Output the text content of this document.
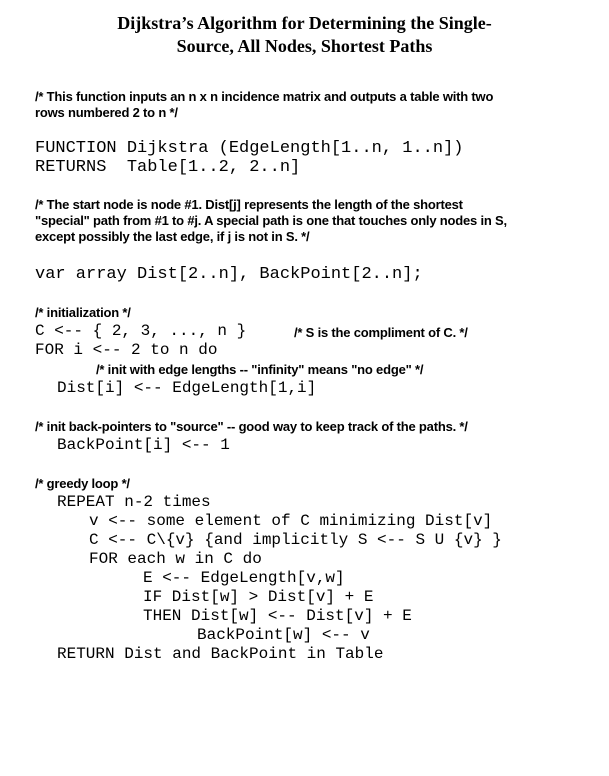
Dijkstra’s Algorithm for Determining the Single-
Source, All Nodes, Shortest Paths
/* This function inputs an n x n incidence matrix and outputs a table with two
rows numbered 2 to n */
FUNCTION Dijkstra (EdgeLength[1..n, 1..n])
RETURNS  Table[1..2, 2..n]
/* The start node is node #1. Dist[j] represents the length of the shortest
"special" path from #1 to #j. A special path is one that touches only nodes in S,
except possibly the last edge, if j is not in S. */
var array Dist[2..n], BackPoint[2..n];
/* initialization */
C <-- { 2, 3, ..., n }	/* S is the compliment of C. */
FOR i <-- 2 to n do
/* init with edge lengths -- "infinity" means "no edge" */
Dist[i] <-- EdgeLength[1,i]
/* init back-pointers to "source" -- good way to keep track of the paths. */
BackPoint[i] <-- 1
/* greedy loop */
REPEAT n-2 times
v <-- some element of C minimizing Dist[v]
C <-- C\{v} {and implicitly S <-- S U {v} }
FOR each w in C do
E <-- EdgeLength[v,w]
IF Dist[w] > Dist[v] + E
THEN Dist[w] <-- Dist[v] + E
BackPoint[w] <-- v
RETURN Dist and BackPoint in Table
